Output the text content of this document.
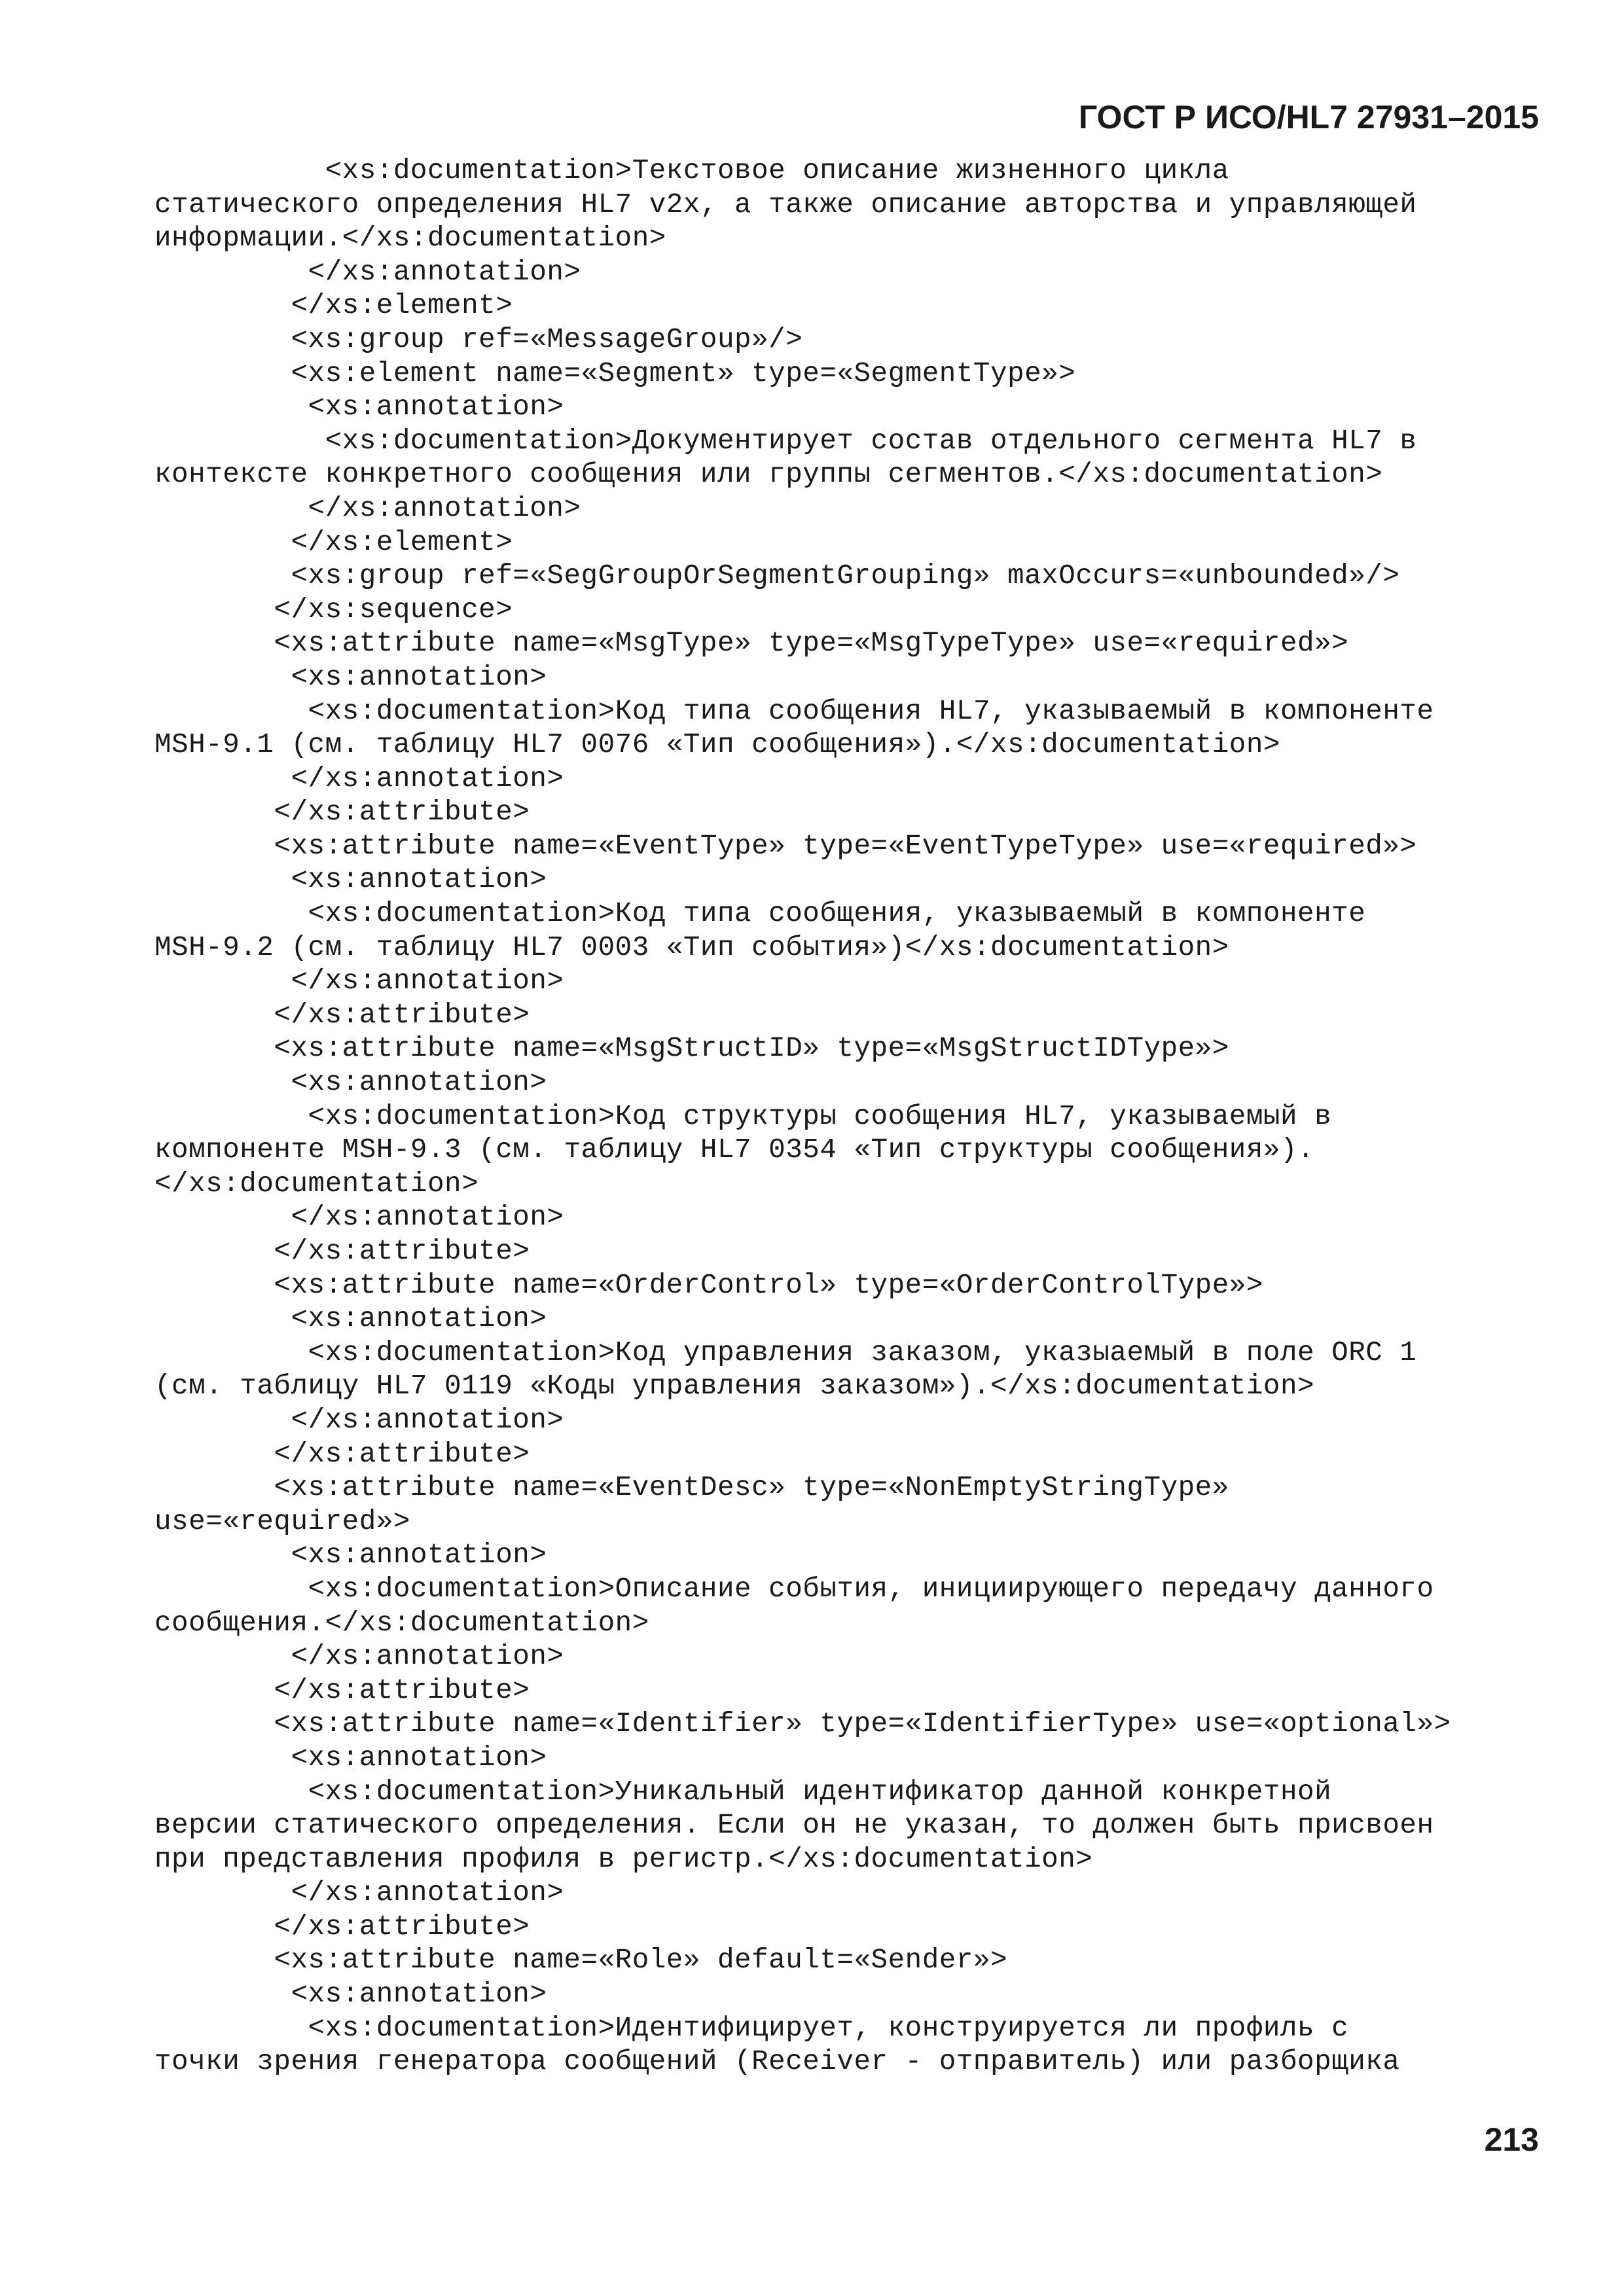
ГОСТ Р ИСО/HL7 27931–2015
<xs:documentation>Текстовое описание жизненного цикла
статического определения HL7 v2x, а также описание авторства и управляющей
информации.</xs:documentation>
</xs:annotation>
</xs:element>
<xs:group ref=«MessageGroup»/>
<xs:element name=«Segment» type=«SegmentType»>
<xs:annotation>
<xs:documentation>Документирует состав отдельного сегмента HL7 в
контексте конкретного сообщения или группы сегментов.</xs:documentation>
</xs:annotation>
</xs:element>
<xs:group ref=«SegGroupOrSegmentGrouping» maxOccurs=«unbounded»/>
</xs:sequence>
<xs:attribute name=«MsgType» type=«MsgTypeType» use=«required»>
<xs:annotation>
<xs:documentation>Код типа сообщения HL7, указываемый в компоненте
MSH-9.1 (см. таблицу HL7 0076 «Тип сообщения»).</xs:documentation>
</xs:annotation>
</xs:attribute>
<xs:attribute name=«EventType» type=«EventTypeType» use=«required»>
<xs:annotation>
<xs:documentation>Код типа сообщения, указываемый в компоненте
MSH-9.2 (см. таблицу HL7 0003 «Тип события»)</xs:documentation>
</xs:annotation>
</xs:attribute>
<xs:attribute name=«MsgStructID» type=«MsgStructIDType»>
<xs:annotation>
<xs:documentation>Код структуры сообщения HL7, указываемый в
компоненте MSH-9.3 (см. таблицу HL7 0354 «Тип структуры сообщения»).
</xs:documentation>
</xs:annotation>
</xs:attribute>
<xs:attribute name=«OrderControl» type=«OrderControlType»>
<xs:annotation>
<xs:documentation>Код управления заказом, указыаемый в поле ORC 1
(см. таблицу HL7 0119 «Коды управления заказом»).</xs:documentation>
</xs:annotation>
</xs:attribute>
<xs:attribute name=«EventDesc» type=«NonEmptyStringType»
use=«required»>
<xs:annotation>
<xs:documentation>Описание события, инициирующего передачу данного
сообщения.</xs:documentation>
</xs:annotation>
</xs:attribute>
<xs:attribute name=«Identifier» type=«IdentifierType» use=«optional»>
<xs:annotation>
<xs:documentation>Уникальный идентификатор данной конкретной
версии статического определения. Если он не указан, то должен быть присвоен
при представления профиля в регистр.</xs:documentation>
</xs:annotation>
</xs:attribute>
<xs:attribute name=«Role» default=«Sender»>
<xs:annotation>
<xs:documentation>Идентифицирует, конструируется ли профиль с
точки зрения генератора сообщений (Receiver - отправитель) или разборщика
213
